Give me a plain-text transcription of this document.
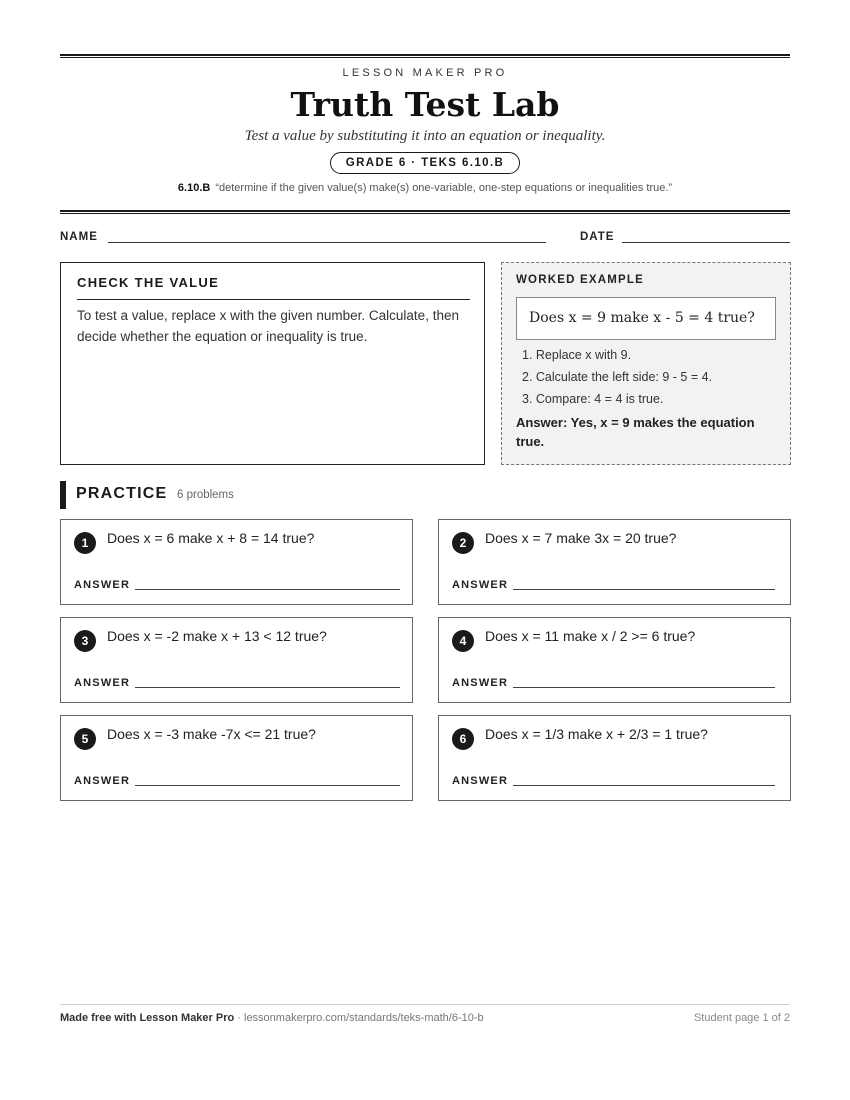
LESSON MAKER PRO
Truth Test Lab
Test a value by substituting it into an equation or inequality.
GRADE 6 · TEKS 6.10.B
6.10.B “determine if the given value(s) make(s) one-variable, one-step equations or inequalities true.”
NAME	DATE
CHECK THE VALUE
To test a value, replace x with the given number. Calculate, then decide whether the equation or inequality is true.
WORKED EXAMPLE
Does x = 9 make x - 5 = 4 true?
1. Replace x with 9.
2. Calculate the left side: 9 - 5 = 4.
3. Compare: 4 = 4 is true.
Answer: Yes, x = 9 makes the equation true.
PRACTICE 6 problems
1	Does x = 6 make x + 8 = 14 true?
ANSWER
2	Does x = 7 make 3x = 20 true?
ANSWER
3	Does x = -2 make x + 13 < 12 true?
ANSWER
4	Does x = 11 make x / 2 >= 6 true?
ANSWER
5	Does x = -3 make -7x <= 21 true?
ANSWER
6	Does x = 1/3 make x + 2/3 = 1 true?
ANSWER
Made free with Lesson Maker Pro · lessonmakerpro.com/standards/teks-math/6-10-b	Student page 1 of 2
